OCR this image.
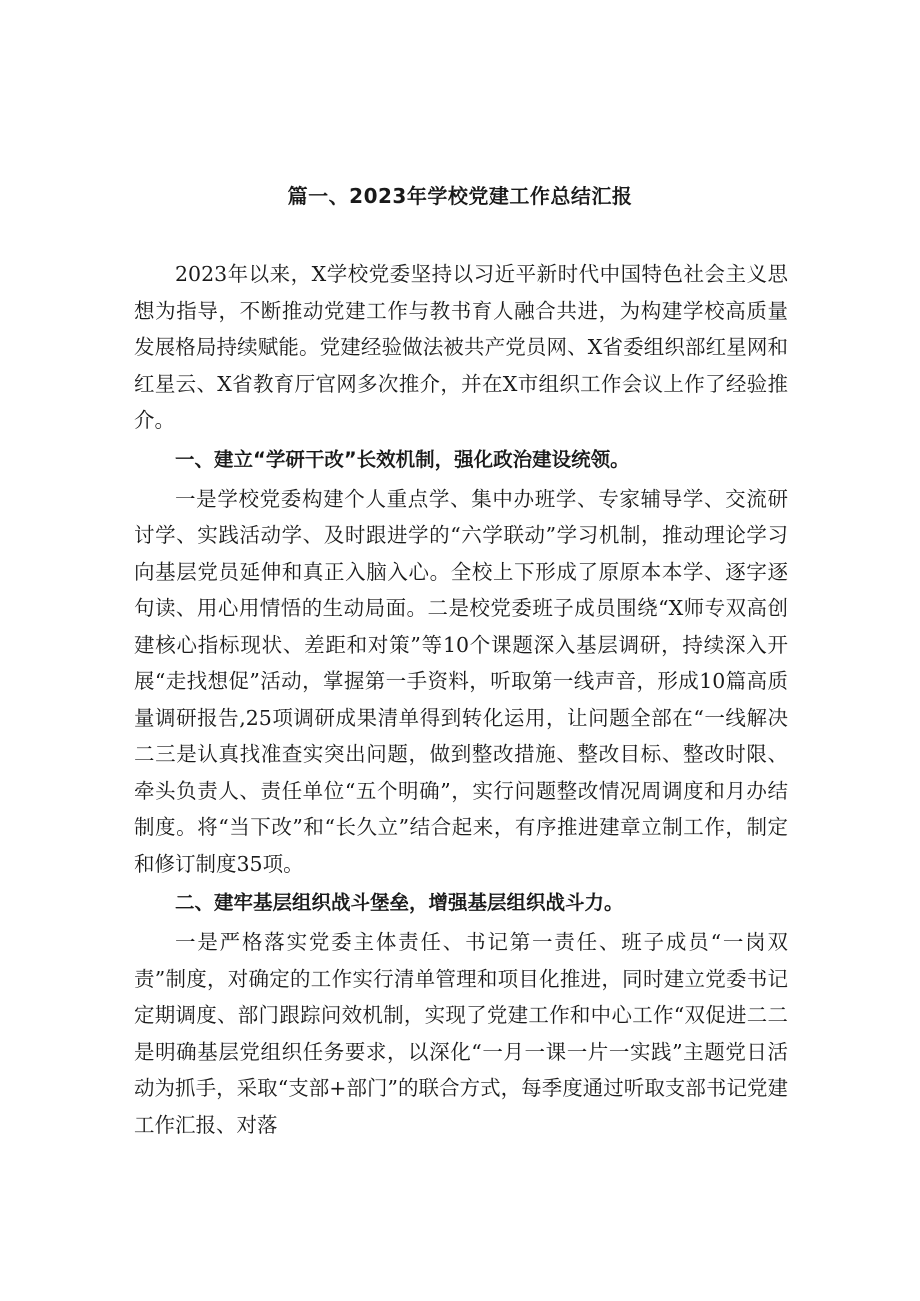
篇一、2023年学校党建工作总结汇报

2023年以来，X学校党委坚持以习近平新时代中国特色社会主义思想为指导，不断推动党建工作与教书育人融合共进，为构建学校高质量发展格局持续赋能。党建经验做法被共产党员网、X省委组织部红星网和红星云、X省教育厅官网多次推介，并在X市组织工作会议上作了经验推介。

一、建立“学研干改”长效机制，强化政治建设统领。

一是学校党委构建个人重点学、集中办班学、专家辅导学、交流研讨学、实践活动学、及时跟进学的“六学联动”学习机制，推动理论学习向基层党员延伸和真正入脑入心。全校上下形成了原原本本学、逐字逐句读、用心用情悟的生动局面。二是校党委班子成员围绕“X师专双高创建核心指标现状、差距和对策”等10个课题深入基层调研，持续深入开展“走找想促”活动，掌握第一手资料，听取第一线声音，形成10篇高质量调研报告,25项调研成果清单得到转化运用，让问题全部在“一线解决二三是认真找准查实突出问题，做到整改措施、整改目标、整改时限、牵头负责人、责任单位“五个明确”，实行问题整改情况周调度和月办结制度。将“当下改”和“长久立”结合起来，有序推进建章立制工作，制定和修订制度35项。

二、建牢基层组织战斗堡垒，增强基层组织战斗力。

一是严格落实党委主体责任、书记第一责任、班子成员“一岗双责”制度，对确定的工作实行清单管理和项目化推进，同时建立党委书记定期调度、部门跟踪问效机制，实现了党建工作和中心工作“双促进二二是明确基层党组织任务要求，以深化“一月一课一片一实践”主题党日活动为抓手，采取“支部+部门”的联合方式，每季度通过听取支部书记党建工作汇报、对落
